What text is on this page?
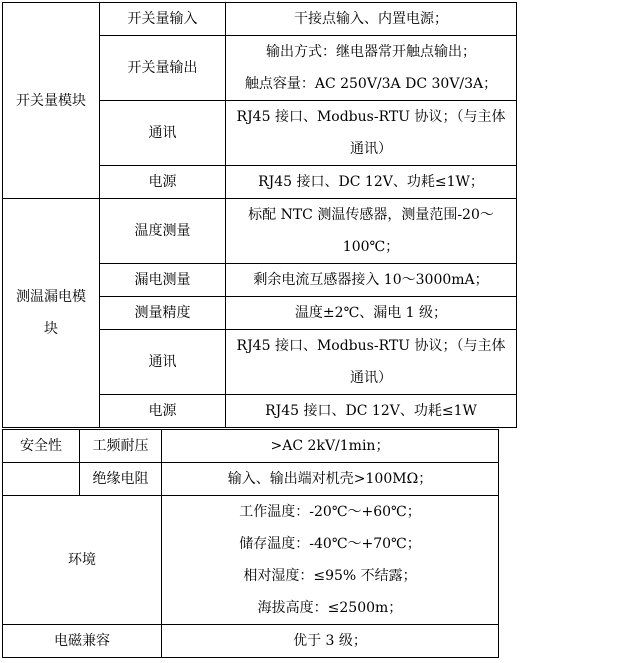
开关量模块	开关量输入	干接点输入、内置电源；
	开关量输出	输出方式：继电器常开触点输出；
触点容量：AC 250V/3A DC 30V/3A；

	通讯	RJ45 接口、Modbus-RTU 协议；（与主体
通讯）

	电源	RJ45 接口、DC 12V、功耗≤1W；

测温漏电模
块	温度测量	标配 NTC 测温传感器，测量范围-20～
100℃；

	漏电测量	剩余电流互感器接入 10～3000mA；
	测量精度	温度±2℃、漏电 1 级；
	通讯	RJ45 接口、Modbus-RTU 协议；（与主体
通讯）

	电源	RJ45 接口、DC 12V、功耗≤1W
安全性	工频耐压	>AC 2kV/1min；
	绝缘电阻	输入、输出端对机壳>100MΩ；
环境		工作温度：-20℃～+60℃；
储存温度：-40℃～+70℃；
相对湿度：≤95% 不结露；
海拔高度：≤2500m；

电磁兼容		优于 3 级；
